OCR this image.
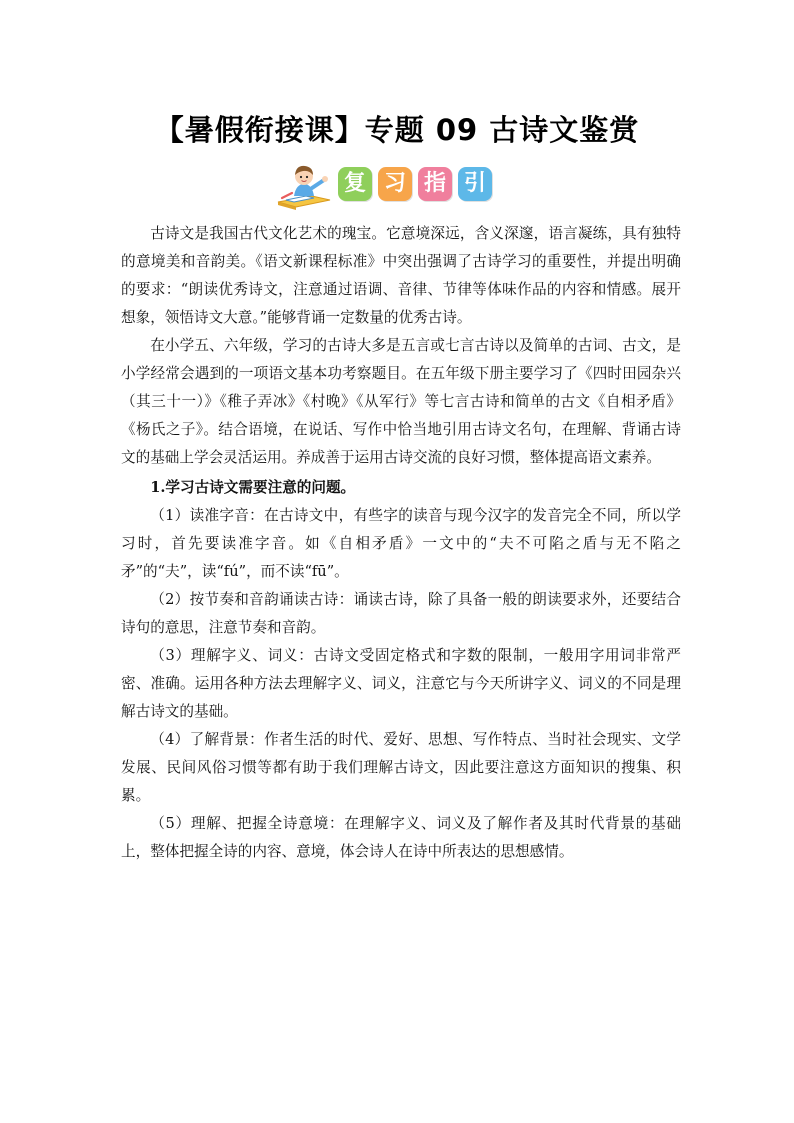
【暑假衔接课】专题 09 古诗文鉴赏
复 习 指 引

古诗文是我国古代文化艺术的瑰宝。它意境深远，含义深邃，语言凝练，具有独特的意境美和音韵美。《语文新课程标准》中突出强调了古诗学习的重要性，并提出明确的要求：“朗读优秀诗文，注意通过语调、音律、节律等体味作品的内容和情感。展开想象，领悟诗文大意。”能够背诵一定数量的优秀古诗。

在小学五、六年级，学习的古诗大多是五言或七言古诗以及简单的古词、古文，是小学经常会遇到的一项语文基本功考察题目。在五年级下册主要学习了《四时田园杂兴（其三十一）》《稚子弄冰》《村晚》《从军行》等七言古诗和简单的古文《自相矛盾》《杨氏之子》。结合语境，在说话、写作中恰当地引用古诗文名句，在理解、背诵古诗文的基础上学会灵活运用。养成善于运用古诗交流的良好习惯，整体提高语文素养。

1.学习古诗文需要注意的问题。

（1）读准字音：在古诗文中，有些字的读音与现今汉字的发音完全不同，所以学习时，首先要读准字音。如《自相矛盾》一文中的“夫不可陷之盾与无不陷之矛”的“夫”，读“fú”，而不读“fū”。

（2）按节奏和音韵诵读古诗：诵读古诗，除了具备一般的朗读要求外，还要结合诗句的意思，注意节奏和音韵。

（3）理解字义、词义：古诗文受固定格式和字数的限制，一般用字用词非常严密、准确。运用各种方法去理解字义、词义，注意它与今天所讲字义、词义的不同是理解古诗文的基础。

（4）了解背景：作者生活的时代、爱好、思想、写作特点、当时社会现实、文学发展、民间风俗习惯等都有助于我们理解古诗文，因此要注意这方面知识的搜集、积累。

（5）理解、把握全诗意境：在理解字义、词义及了解作者及其时代背景的基础上，整体把握全诗的内容、意境，体会诗人在诗中所表达的思想感情。
